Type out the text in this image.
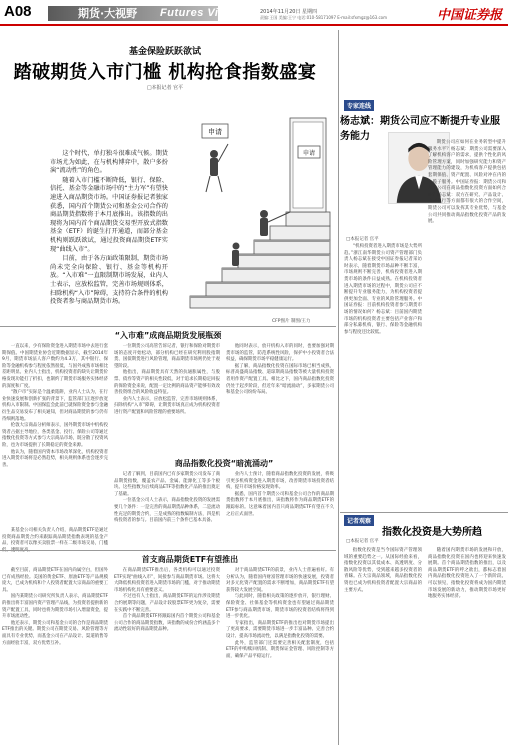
A08	期货·大视野 Futures Vision	2014年11月20日 星期四
责编:王国 美编:王宁 电话:010-58171097 E-mail:sfxmgz@163.com	中国证券报
基金保险跃跃欲试
踏破期货入市门槛 机构抢食指数盛宴
□本报记者 官平

这个时代，单打独斗很难成气候。期货市场尤为如此，在与机构博弈中，散户多扮演“流动性”的角色。

随着入市门槛不断降低，银行、保险、信托、基金等金融市场中的“主力军”有望快速进入商品期货市场。中国证券报记者独家获悉，国内首个期货公司和基金公司合作的商品期货指数将于本月底推出。该指数的出现将为国内首个商品期货交易型开放式指数基金（ETF）的诞生打开通道，而部分基金机构则跃跃欲试，通过投资商品期货ETF实现“曲线入市”。

目前，由于各方面政策限制，期货市场尚未完全向保险、银行、基金等机构开放。“入市难”一直限制期市场发展，业内人士表示，应放松监管，完善市场规则体系，扫除机构“入市”障碍，支持符合条件的机构投资者参与商品期货市场。

申请
申请
CFP图片 制图/王力
“入市难”成商品期货发展瓶颈

一直以来，少有保险资金进入期货市场中去进行套期保值。中国期货业协会近期数据显示，截至2014年9月，期货市场法人客户数约为4.3万，其中银行、保险等金融机构参与程度依然很低，与国外成熟市场相比差距明显。业内人士指出，机构投资者的缺失让期货价格发现功能打了折扣，也制约了期货市场服务实体经济的深度和广度。

“散户市”实际是个温柔陷阱，业内人士认为，在行业快速发展和创新扩张的背景下，监管部门正逐步放宽机构入市限制。中国保监会此前已就保险资金参与金融衍生品交易发布了相关通知，但对商品期货的参与仍有待细则落地。

伦敦大宗商品分析师表示，国外期货市场中机构投资者占据主导地位，各类基金、投行、保险公司等通过指数化投资等方式参与大宗商品市场，既分散了投资风险，也为市场提供了长期稳定的资金来源。

他认为，随着国内资本市场改革深化，机构投资者进入期货市场将是必然趋势，相关规则体系也会逐步完善。

一位期货公司高管告诉记者，银行和保险对期货市场的态度开始松动，部分机构已经在研究利用股指期货、国债期货进行风险管理，商品期货市场则仍处于观望阶段。

他指出，商品期货具有天然的抗通胀属性，与股票、债券等资产的相关性较低，对于追求长期稳定回报的保险资金来说，配置一定比例的商品资产能够有效改善投资组合的风险收益特征。

业内人士表示，应放松监管，完善市场规则体系，扫除机构“入市”障碍，让期货市场真正成为机构投资者进行资产配置和风险管理的重要场所。

他同时表示，放开机构入市的同时，也要加强对期货市场的监管，防范系统性风险，保护中小投资者合法权益，确保期货市场平稳健康运行。

据了解，商品指数化投资在国际市场已相当成熟，标普高盛商品指数、道琼斯商品指数等被大量机构投资者用作资产配置工具。相比之下，国内商品指数化投资仍处于起步阶段，但近年来“暗流涌动”，多家期货公司和基金公司纷纷布局。

商品指数化投资“暗流涌动”

记者了解到，目前国内已有多家期货公司发布了商品期货指数，覆盖农产品、金属、能源化工等多个板块。这些指数为后续商品ETF等指数化产品的推出奠定了基础。

一位基金公司人士表示，商品指数化投资的发展需要几个条件：一是完善的商品期货品种体系，二是流动性充足的期货合约，三是成熟的指数编制方法，四是机构投资者的参与。目前国内前三个条件已基本具备。

业内人士预计，随着商品指数化投资的发展，将吸引更多机构资金进入期货市场，改善期货市场投资者结构，提升市场价格发现效率。

据悉，国内首个期货公司和基金公司合作的商品期货指数将于本月底推出，该指数将作为商品期货ETF的跟踪标的。这意味着国内首只商品期货ETF有望在不久之后正式面世。

某基金公司相关负责人介绍，商品期货ETF是通过投资商品期货合约来跟踪商品期货指数表现的基金产品，投资者可以像买卖股票一样在二级市场交易，门槛

首支商品期货ETF有望推出

截至目前，商品期货ETF在国内尚属空白，但国外已有成熟经验。美国的黄金ETF、原油ETF等产品规模庞大，已成为机构和个人投资者配置大宗商品的重要工具。

国内某期货公司研究所负责人表示，商品期货ETF的推出将丰富国内资产管理产品线，为投资者提供新的资产配置工具，同时也将为期货市场引入增量资金，提升市场流动性。

他还表示，期货公司和基金公司的合作是商品期货ETF推出的关键。期货公司在期货交易、风险管理等方面具有专业优势，而基金公司在产品设计、渠道销售等方面经验丰富，双方优势互补。

在商品期货ETF推出后，各类机构可以通过投资ETF实现“曲线入市”，间接参与商品期货市场。这将大大降低机构投资者进入期货市场的门槛，对于推动期货市场机构化具有重要意义。

不过也有人士指出，商品期货ETF的运作涉及期货合约展期等问题，产品设计较股票ETF更为复杂，需要在实践中不断完善。

首个商品期货ETF将跟踪国内首个期货公司和基金公司合作的商品期货指数，该指数的成份合约涵盖多个流动性较好的商品期货品种。

对于商品期货ETF的前景，业内人士普遍看好。有分析认为，随着国内财富管理市场的快速发展，投资者对多元化资产配置的需求不断增加，商品期货ETF有望获得较大发展空间。

与此同时，随着相关政策的逐步放开，银行理财、保险资金、社保基金等机构资金也有望通过商品期货ETF参与商品期货市场，期货市场的投资者结构将得到进一步优化。

专家指出，商品期货ETF的推出也对期货市场提出了更高要求，需要期货市场进一步丰富品种、完善合约设计、提高市场流动性，以满足指数化投资的需要。

此外，监管部门还需要完善相关配套制度，包括ETF的申购赎回机制、期货保证金管理、风险控制等方面，确保产品平稳运行。

专家连线
杨志斌：期货公司应不断提升专业服务能力
□本报记者 官平

“机构投资者进入期货市场是大势所趋。”浙江南华期货公司资产管理部门负责人杨志斌在接受中国证券报记者采访时表示，随着期货市场品种不断丰富，市场规则不断完善，机构投资者进入期货市场的条件日益成熟。在机构投资者进入期货市场的过程中，期货公司应不断提升专业服务能力，为机构投资者提供更加全面、专业的风险管理服务。中国证券报：目前机构投资者参与期货市场的情况如何？杨志斌：目前国内期货市场的机构投资者主要包括产业客户和部分私募机构，银行、保险等金融机构参与程度还比较低。

期货公司应如何在业务转型中提升服务水平？杨志斌：期货公司需要深入了解机构客户的需求，提供个性化的风险管理方案，同时加强研究能力和资产管理能力的建设，为机构客户提供包括套期保值、资产配置、风险对冲在内的一揽子服务。中国证券报：期货公司和基金公司在商品指数化投资方面如何合作？杨志斌：双方在研究、产品设计、交易执行等方面都有很大的合作空间，期货公司可以发挥其专业优势，与基金公司共同推动商品指数化投资产品的发展。

记者观察
指数化投资是大势所趋
□本报记者 官平

指数化投资是当今国际资产管理领域的重要趋势之一。从国际经验来看，指数化投资以其低成本、高透明度、分散风险等优势，受到越来越多投资者的青睐。在大宗商品领域，商品指数化投资也已成为机构投资者配置大宗商品的主要方式。

随着国内期货市场的发展和开放，商品指数化投资在国内也将迎来快速发展期。首个商品期货指数的推出，以及商品期货ETF的呼之欲出，都标志着国内商品指数化投资进入了一个新阶段。可以预见，指数化投资将成为国内期货市场发展的新动力，推动期货市场更好地服务实体经济。
